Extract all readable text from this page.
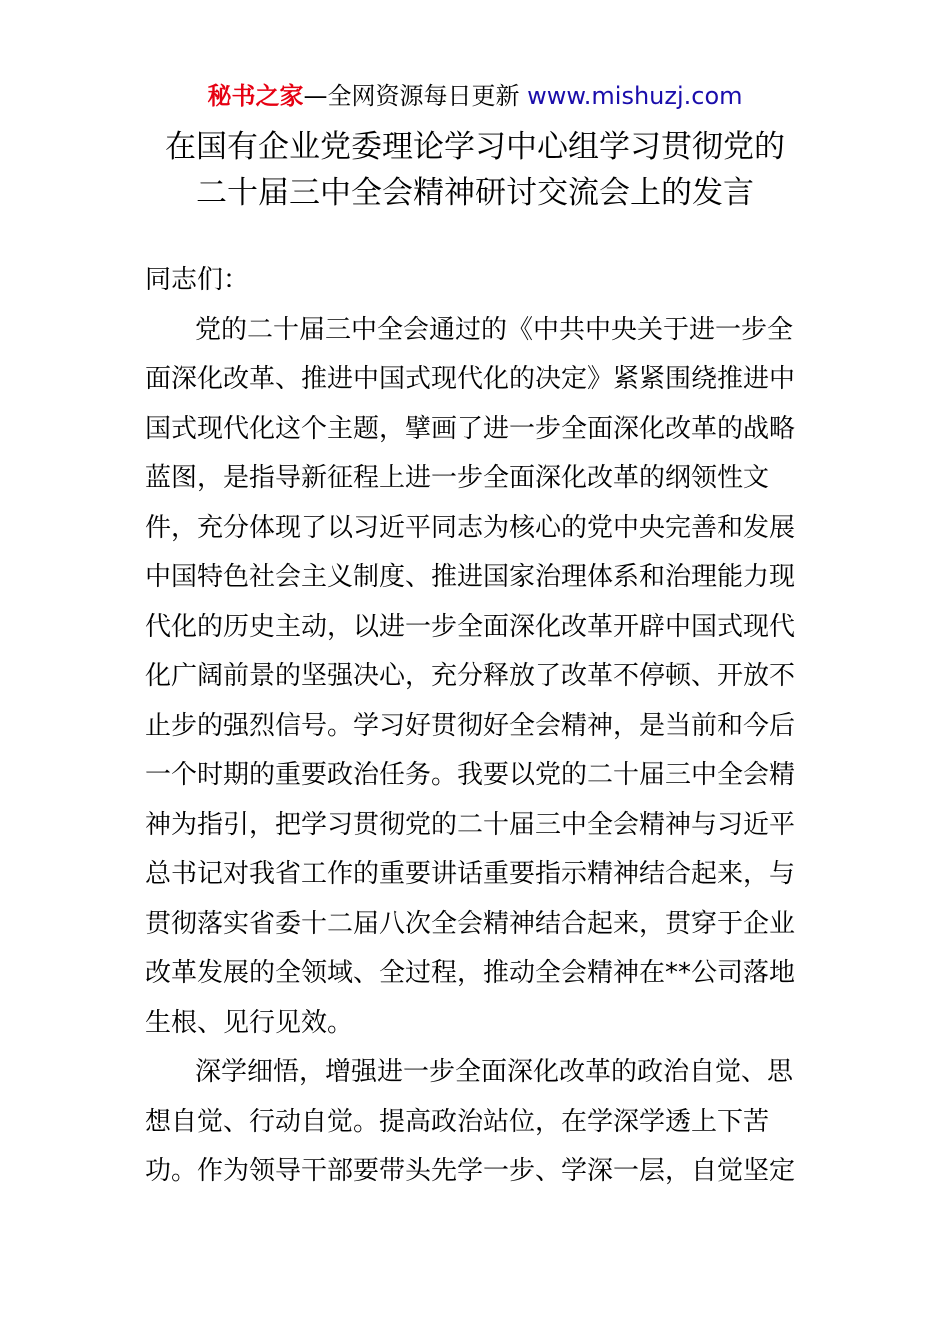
秘书之家—全网资源每日更新 www.mishuzj.com
在国有企业党委理论学习中心组学习贯彻党的
二十届三中全会精神研讨交流会上的发言
同志们：
党的二十届三中全会通过的《中共中央关于进一步全
面深化改革、推进中国式现代化的决定》紧紧围绕推进中
国式现代化这个主题，擘画了进一步全面深化改革的战略
蓝图，是指导新征程上进一步全面深化改革的纲领性文
件，充分体现了以习近平同志为核心的党中央完善和发展
中国特色社会主义制度、推进国家治理体系和治理能力现
代化的历史主动，以进一步全面深化改革开辟中国式现代
化广阔前景的坚强决心，充分释放了改革不停顿、开放不
止步的强烈信号。学习好贯彻好全会精神，是当前和今后
一个时期的重要政治任务。我要以党的二十届三中全会精
神为指引，把学习贯彻党的二十届三中全会精神与习近平
总书记对我省工作的重要讲话重要指示精神结合起来，与
贯彻落实省委十二届八次全会精神结合起来，贯穿于企业
改革发展的全领域、全过程，推动全会精神在**公司落地
生根、见行见效。
深学细悟，增强进一步全面深化改革的政治自觉、思
想自觉、行动自觉。提高政治站位，在学深学透上下苦
功。作为领导干部要带头先学一步、学深一层，自觉坚定
